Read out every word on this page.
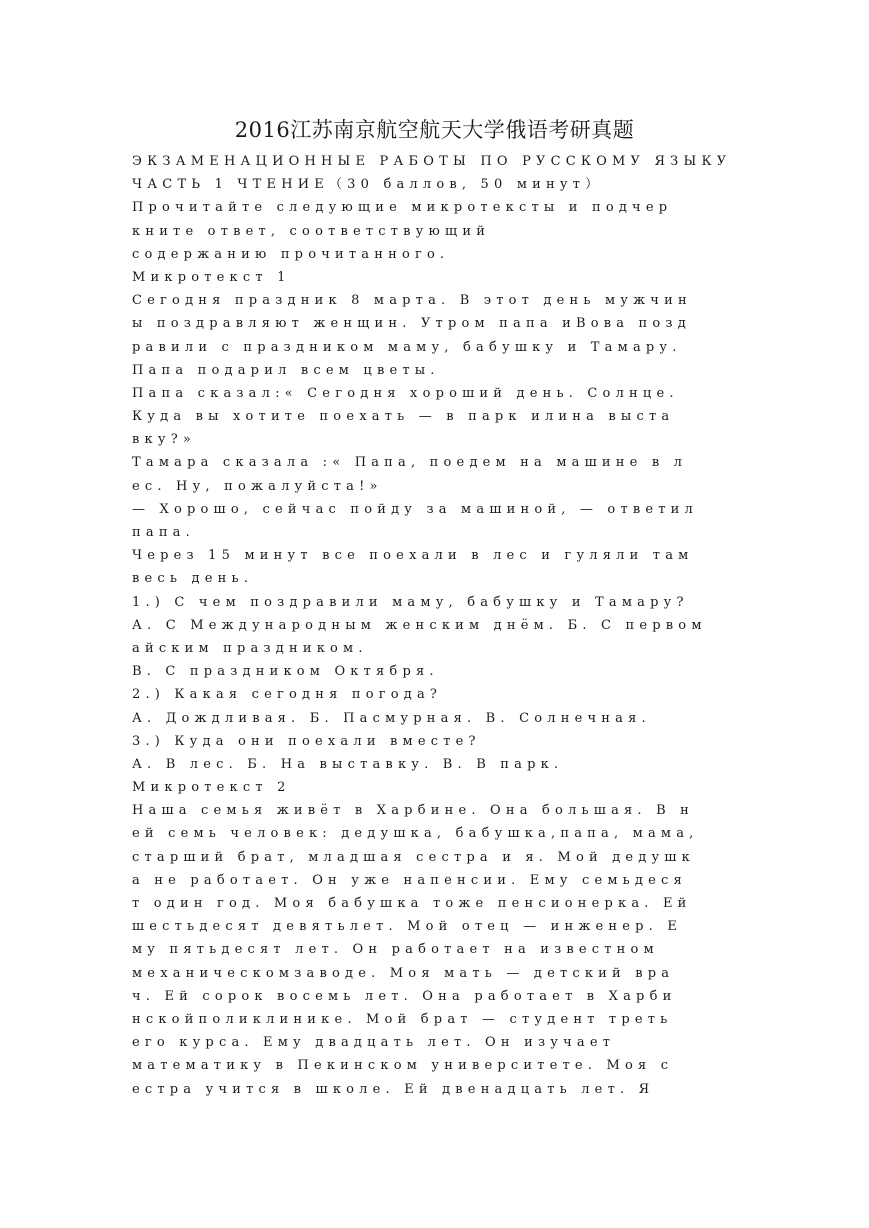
2016江苏南京航空航天大学俄语考研真题
ЭКЗАМЕНАЦИОННЫЕ РАБОТЫ ПО РУССКОМУ ЯЗЫКУ
ЧАСТЬ 1 ЧТЕНИЕ（30 баллов, 50 минут）
Прочитайте следующие микротексты и подчер
кните ответ, соответствующий
содержанию прочитанного.
Микротекст 1
Сегодня праздник 8 марта. В этот день мужчин
ы поздравляют женщин. Утром папа иВова позд
равили с праздником маму, бабушку и Тамару.
Папа подарил всем цветы.
Папа сказал:« Сегодня хороший день. Солнце.
Куда вы хотите поехать — в парк илина выста
вку?»
Тамара сказала :« Папа, поедем на машине в л
ес. Ну, пожалуйста!»
— Хорошо, сейчас пойду за машиной, — ответил
папа.
Через 15 минут все поехали в лес и гуляли там
весь день.
1.) С чем поздравили маму, бабушку и Тамару?
А. С Международным женским днём. Б. С первом
айским праздником.
В. С праздником Октября.
2.) Какая сегодня погода?
А. Дождливая. Б. Пасмурная. В. Солнечная.
3.) Куда они поехали вместе?
А. В лес. Б. На выставку. В. В парк.
Микротекст 2
Наша семья живёт в Харбине. Она большая. В н
ей семь человек: дедушка, бабушка,папа, мама,
старший брат, младшая сестра и я. Мой дедушк
а не работает. Он уже напенсии. Ему семьдеся
т один год. Моя бабушка тоже пенсионерка. Ей
шестьдесят девятьлет. Мой отец — инженер. Е
му пятьдесят лет. Он работает на известном
механическомзаводе. Моя мать — детский вра
ч. Ей сорок восемь лет. Она работает в Харби
нскойполиклинике. Мой брат — студент треть
его курса. Ему двадцать лет. Он изучает
математику в Пекинском университете. Моя с
естра учится в школе. Ей двенадцать лет. Я
